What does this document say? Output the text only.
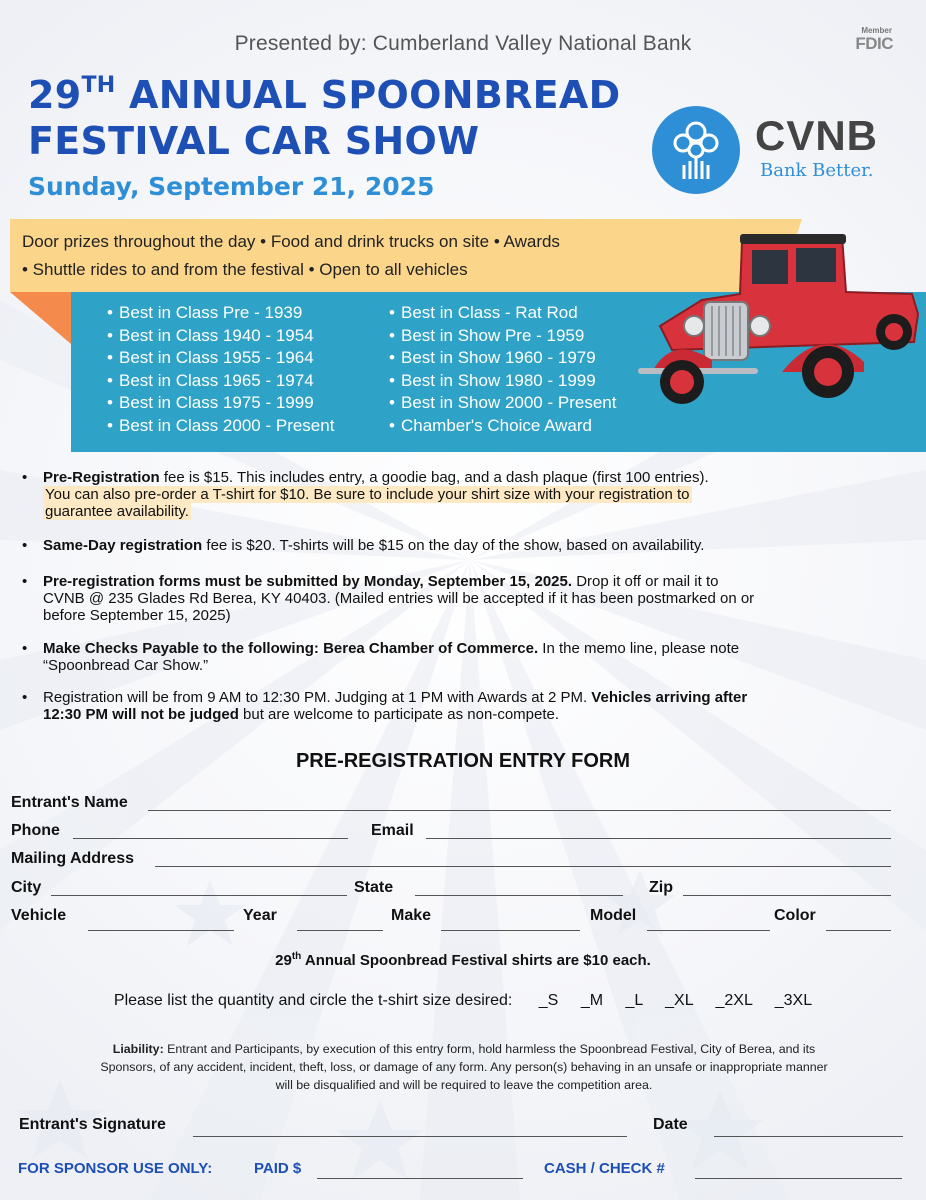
Presented by: Cumberland Valley National Bank
Member
FDIC
29TH ANNUAL SPOONBREAD
FESTIVAL CAR SHOW
Sunday, September 21, 2025
CVNB
Bank Better.
Door prizes throughout the day • Food and drink trucks on site • Awards
• Shuttle rides to and from the festival • Open to all vehicles
• Best in Class Pre - 1939
• Best in Class 1940 - 1954
• Best in Class 1955 - 1964
• Best in Class 1965 - 1974
• Best in Class 1975 - 1999
• Best in Class 2000 - Present
• Best in Class - Rat Rod
• Best in Show Pre - 1959
• Best in Show 1960 - 1979
• Best in Show 1980 - 1999
• Best in Show 2000 - Present
• Chamber's Choice Award
• Pre-Registration fee is $15. This includes entry, a goodie bag, and a dash plaque (first 100 entries).
You can also pre-order a T-shirt for $10. Be sure to include your shirt size with your registration to
guarantee availability.
• Same-Day registration fee is $20. T-shirts will be $15 on the day of the show, based on availability.
• Pre-registration forms must be submitted by Monday, September 15, 2025. Drop it off or mail it to
CVNB @ 235 Glades Rd Berea, KY 40403. (Mailed entries will be accepted if it has been postmarked on or
before September 15, 2025)
• Make Checks Payable to the following: Berea Chamber of Commerce. In the memo line, please note
“Spoonbread Car Show.”
• Registration will be from 9 AM to 12:30 PM. Judging at 1 PM with Awards at 2 PM. Vehicles arriving after
12:30 PM will not be judged but are welcome to participate as non-compete.
PRE-REGISTRATION ENTRY FORM
Entrant's Name
Phone	Email
Mailing Address
City	State	Zip
Vehicle	Year	Make	Model	Color
29th Annual Spoonbread Festival shirts are $10 each.
Please list the quantity and circle the t-shirt size desired: _S _M _L _XL _2XL _3XL
Liability: Entrant and Participants, by execution of this entry form, hold harmless the Spoonbread Festival, City of Berea, and its
Sponsors, of any accident, incident, theft, loss, or damage of any form. Any person(s) behaving in an unsafe or inappropriate manner
will be disqualified and will be required to leave the competition area.
Entrant's Signature	Date
FOR SPONSOR USE ONLY:	PAID $	CASH / CHECK #
